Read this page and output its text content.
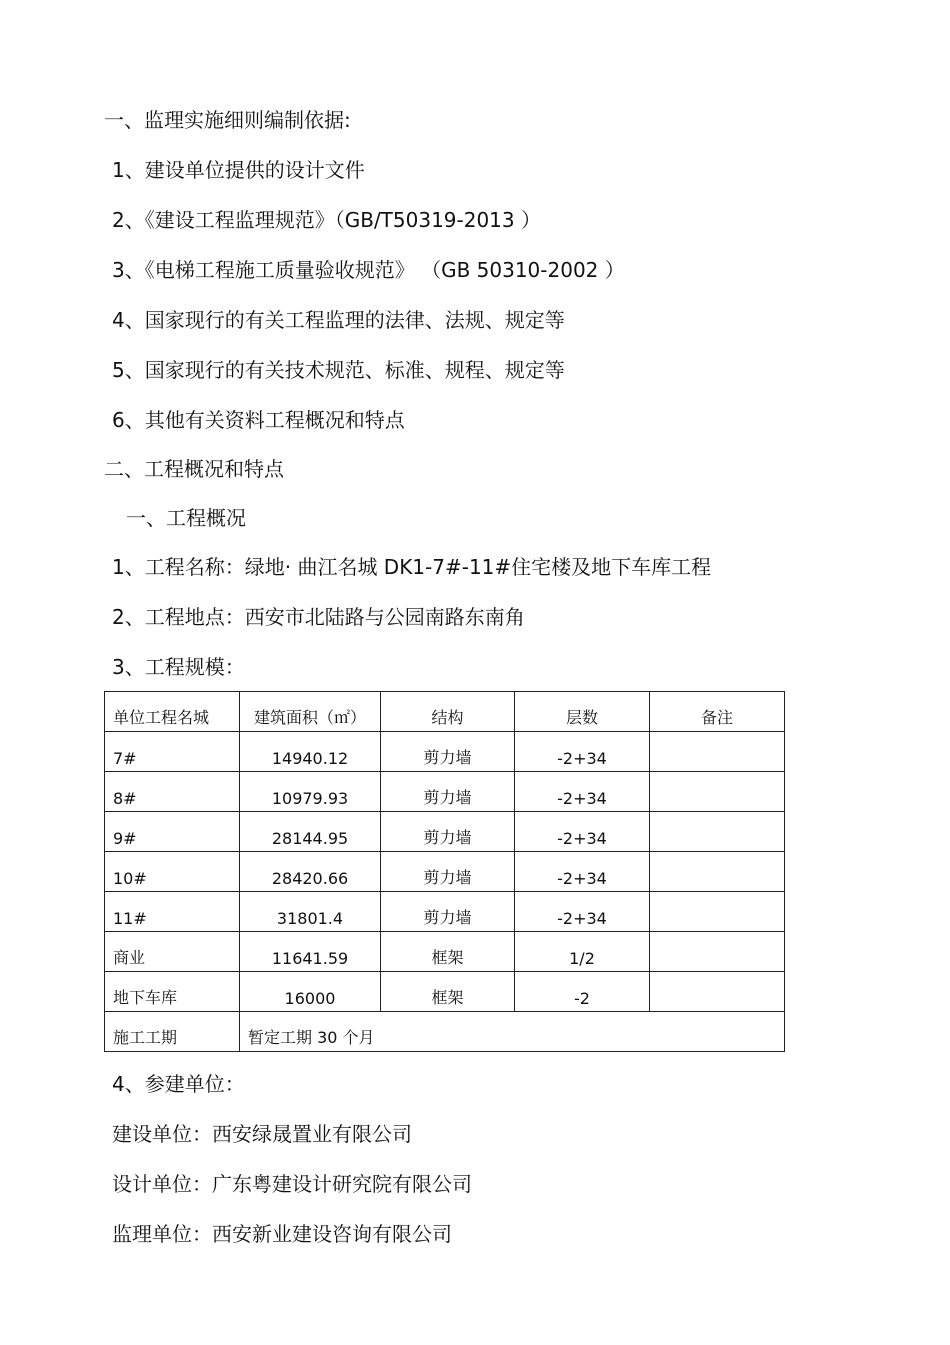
一、监理实施细则编制依据:
1、建设单位提供的设计文件
2、《建设工程监理规范》（GB/T50319-2013 ）
3、《电梯工程施工质量验收规范》 （GB 50310-2002 ）
4、国家现行的有关工程监理的法律、法规、规定等
5、国家现行的有关技术规范、标准、规程、规定等
6、其他有关资料工程概况和特点
二、工程概况和特点
一、工程概况
1、工程名称：绿地· 曲江名城 DK1-7#-11#住宅楼及地下车库工程
2、工程地点：西安市北陆路与公园南路东南角
3、工程规模：
单位工程名城	建筑面积（㎡）	结构	层数	备注
7#	14940.12	剪力墙	-2+34	
8#	10979.93	剪力墙	-2+34	
9#	28144.95	剪力墙	-2+34	
10#	28420.66	剪力墙	-2+34	
11#	31801.4	剪力墙	-2+34	
商业	11641.59	框架	1/2	
地下车库	16000	框架	-2	
施工工期	暂定工期 30 个月			
4、参建单位：
建设单位：西安绿晟置业有限公司
设计单位：广东粤建设计研究院有限公司
监理单位：西安新业建设咨询有限公司
